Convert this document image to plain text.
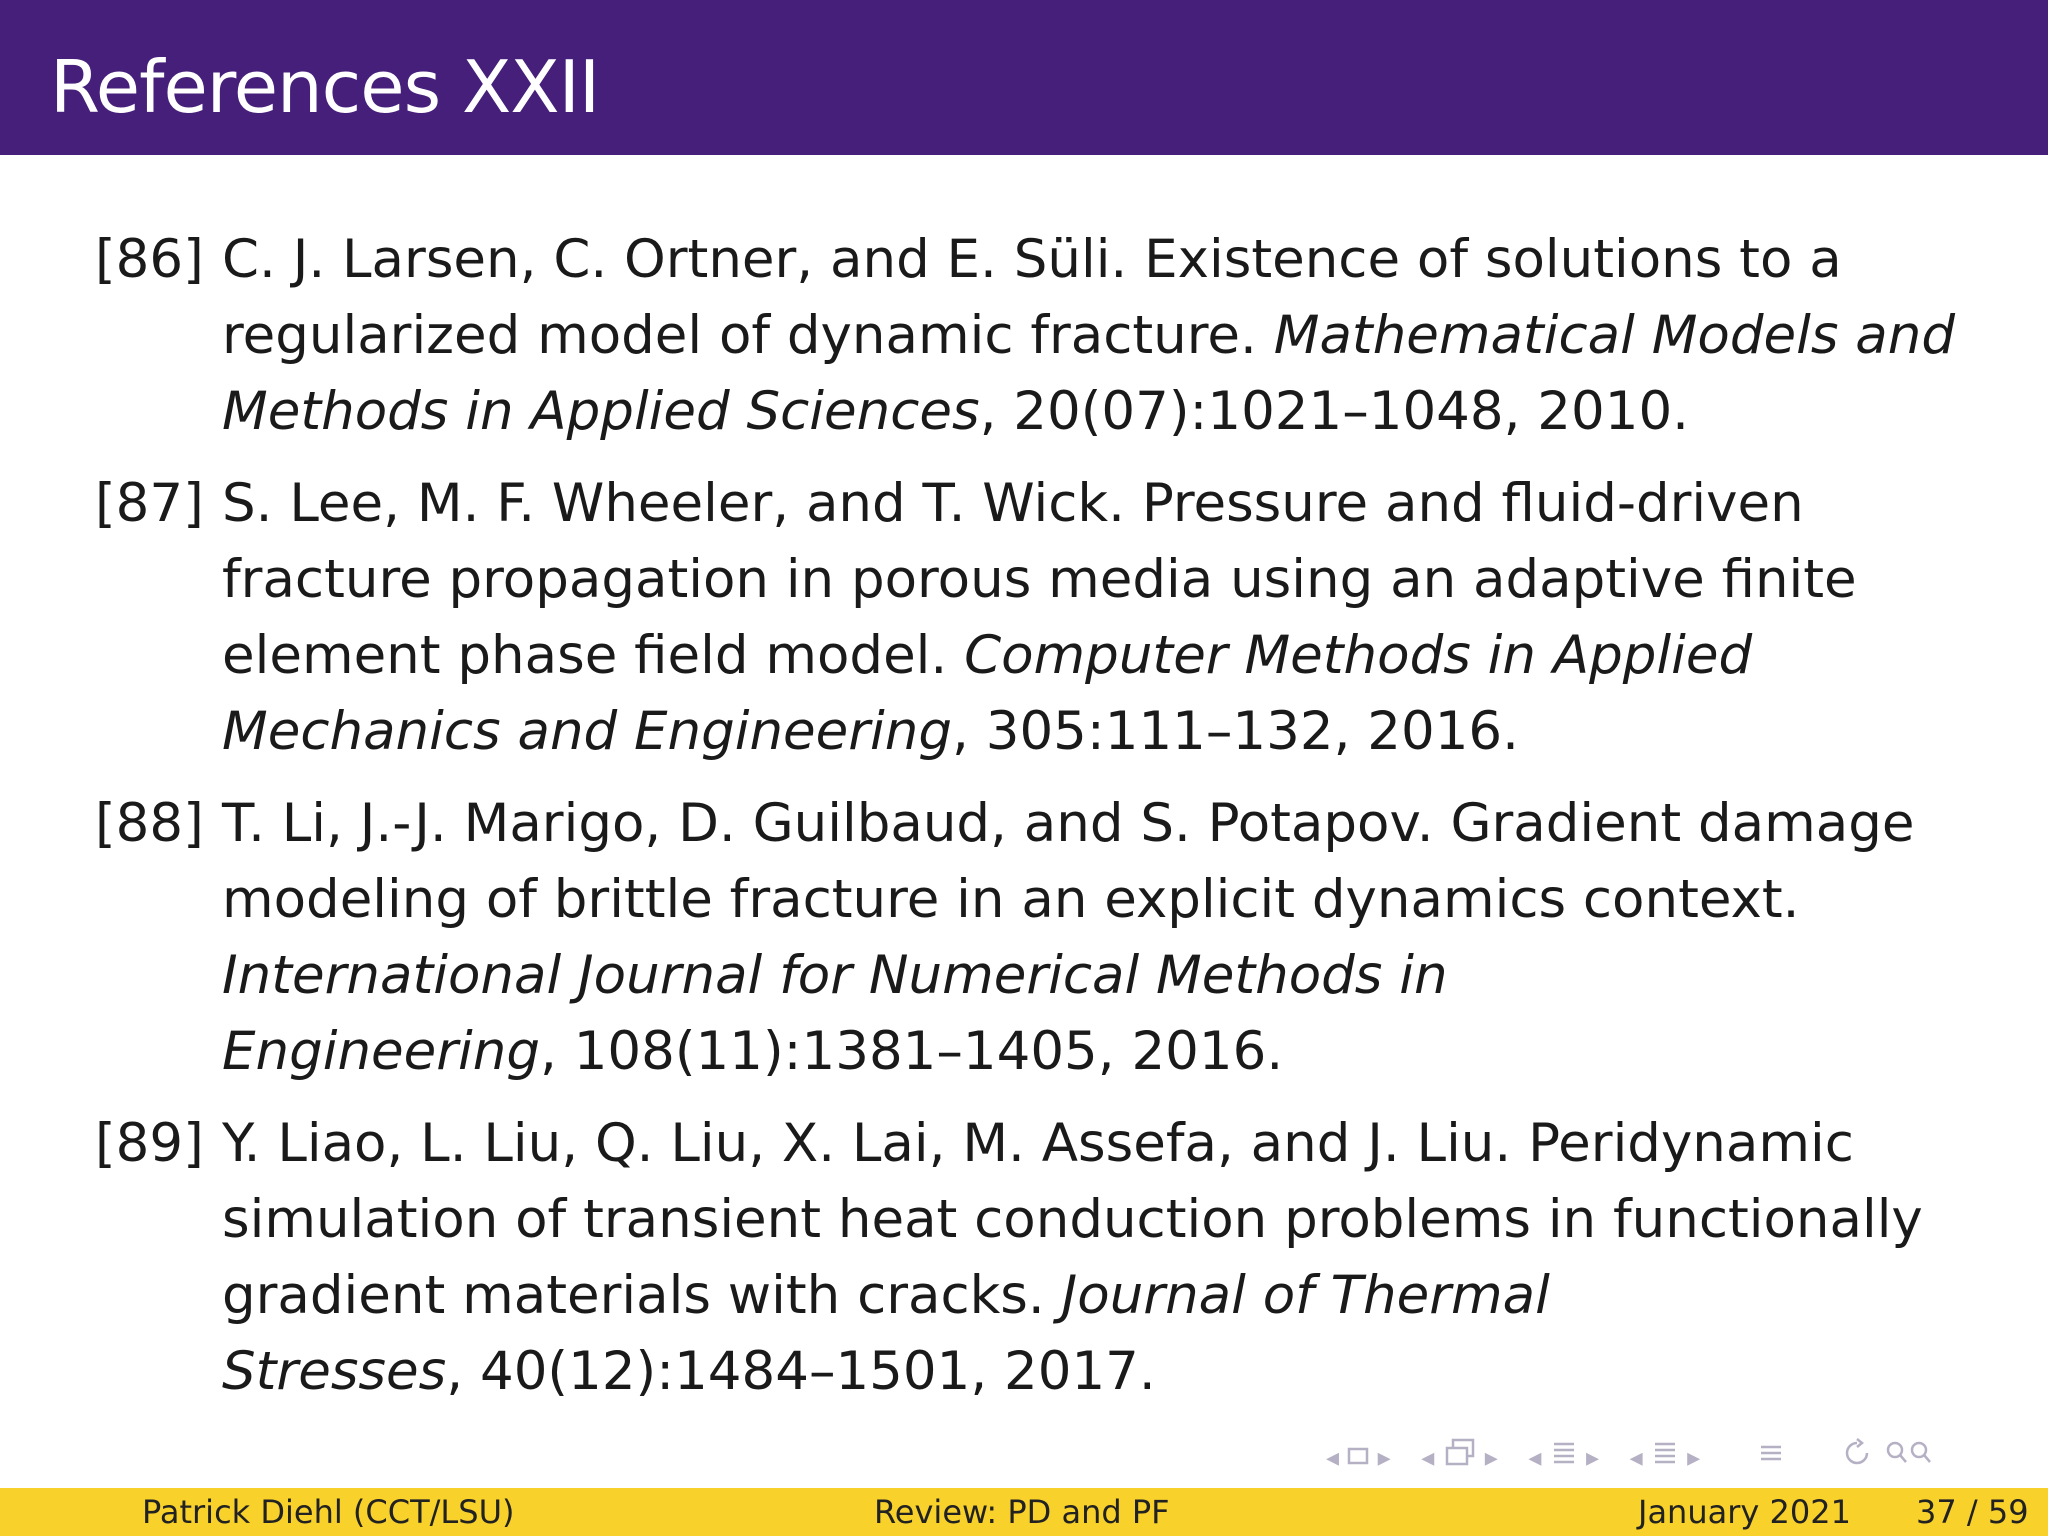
References XXII
[86] C. J. Larsen, C. Ortner, and E. Süli. Existence of solutions to a regularized model of dynamic fracture. Mathematical Models and Methods in Applied Sciences, 20(07):1021–1048, 2010.
[87] S. Lee, M. F. Wheeler, and T. Wick. Pressure and fluid-driven fracture propagation in porous media using an adaptive finite element phase field model. Computer Methods in Applied Mechanics and Engineering, 305:111–132, 2016.
[88] T. Li, J.-J. Marigo, D. Guilbaud, and S. Potapov. Gradient damage modeling of brittle fracture in an explicit dynamics context. International Journal for Numerical Methods in Engineering, 108(11):1381–1405, 2016.
[89] Y. Liao, L. Liu, Q. Liu, X. Lai, M. Assefa, and J. Liu. Peridynamic simulation of transient heat conduction problems in functionally gradient materials with cracks. Journal of Thermal Stresses, 40(12):1484–1501, 2017.
◂ ▸ ◂ ▸ ◂ ▸ ◂ ▸
Patrick Diehl (CCT/LSU)	Review: PD and PF	January 2021 37 / 59
